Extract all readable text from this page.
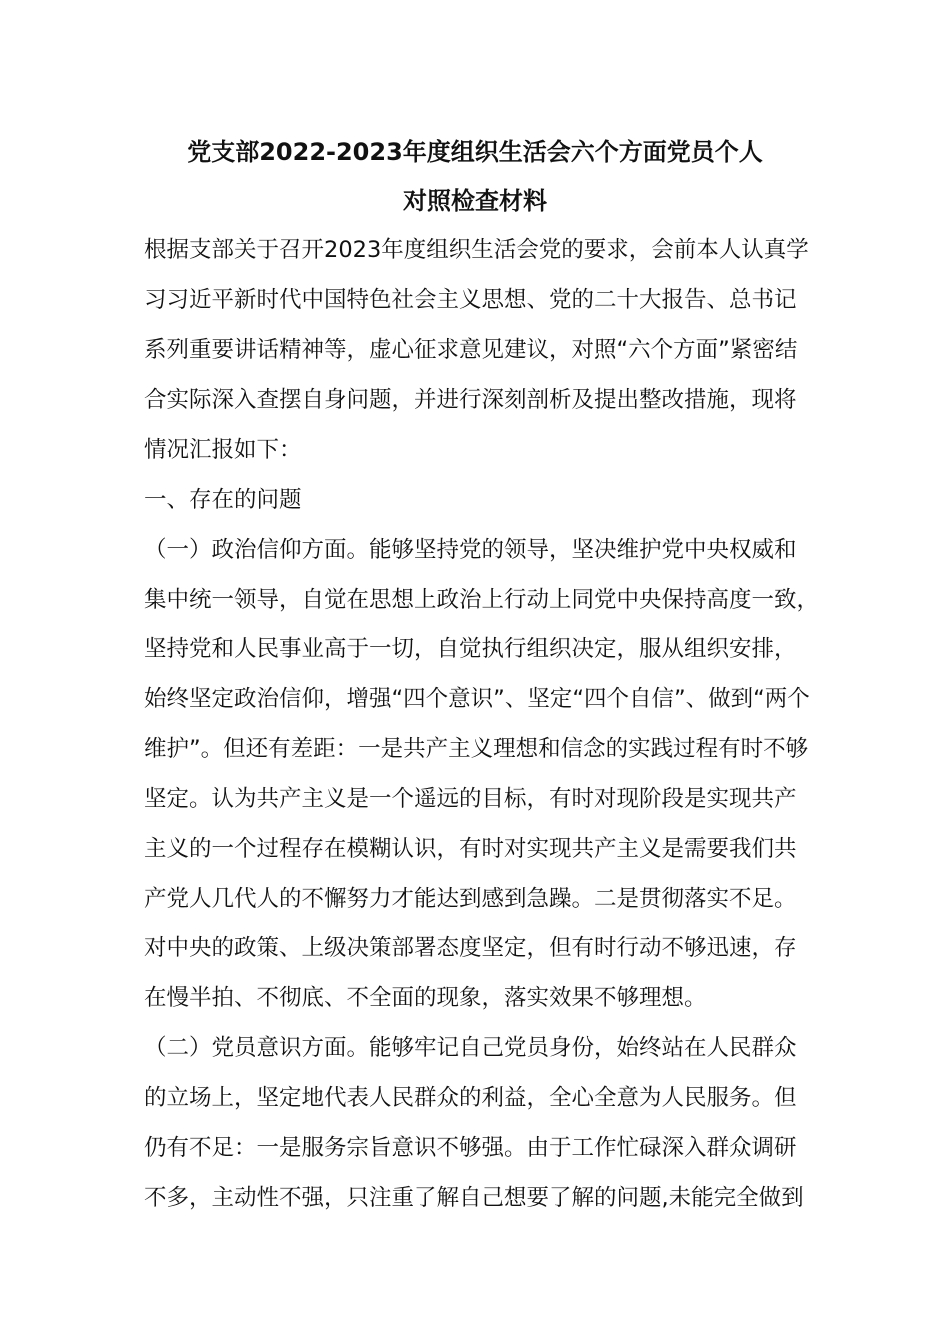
党支部2022-2023年度组织生活会六个方面党员个人
对照检查材料
根据支部关于召开2023年度组织生活会党的要求，会前本人认真学
习习近平新时代中国特色社会主义思想、党的二十大报告、总书记
系列重要讲话精神等，虚心征求意见建议，对照“六个方面”紧密结
合实际深入查摆自身问题，并进行深刻剖析及提出整改措施，现将
情况汇报如下：
一、存在的问题
（一）政治信仰方面。能够坚持党的领导，坚决维护党中央权威和
集中统一领导，自觉在思想上政治上行动上同党中央保持高度一致，
坚持党和人民事业高于一切，自觉执行组织决定，服从组织安排，
始终坚定政治信仰，增强“四个意识”、坚定“四个自信”、做到“两个
维护”。但还有差距：一是共产主义理想和信念的实践过程有时不够
坚定。认为共产主义是一个遥远的目标，有时对现阶段是实现共产
主义的一个过程存在模糊认识，有时对实现共产主义是需要我们共
产党人几代人的不懈努力才能达到感到急躁。二是贯彻落实不足。
对中央的政策、上级决策部署态度坚定，但有时行动不够迅速，存
在慢半拍、不彻底、不全面的现象，落实效果不够理想。
（二）党员意识方面。能够牢记自己党员身份，始终站在人民群众
的立场上，坚定地代表人民群众的利益，全心全意为人民服务。但
仍有不足：一是服务宗旨意识不够强。由于工作忙碌深入群众调研
不多，主动性不强，只注重了解自己想要了解的问题,未能完全做到
